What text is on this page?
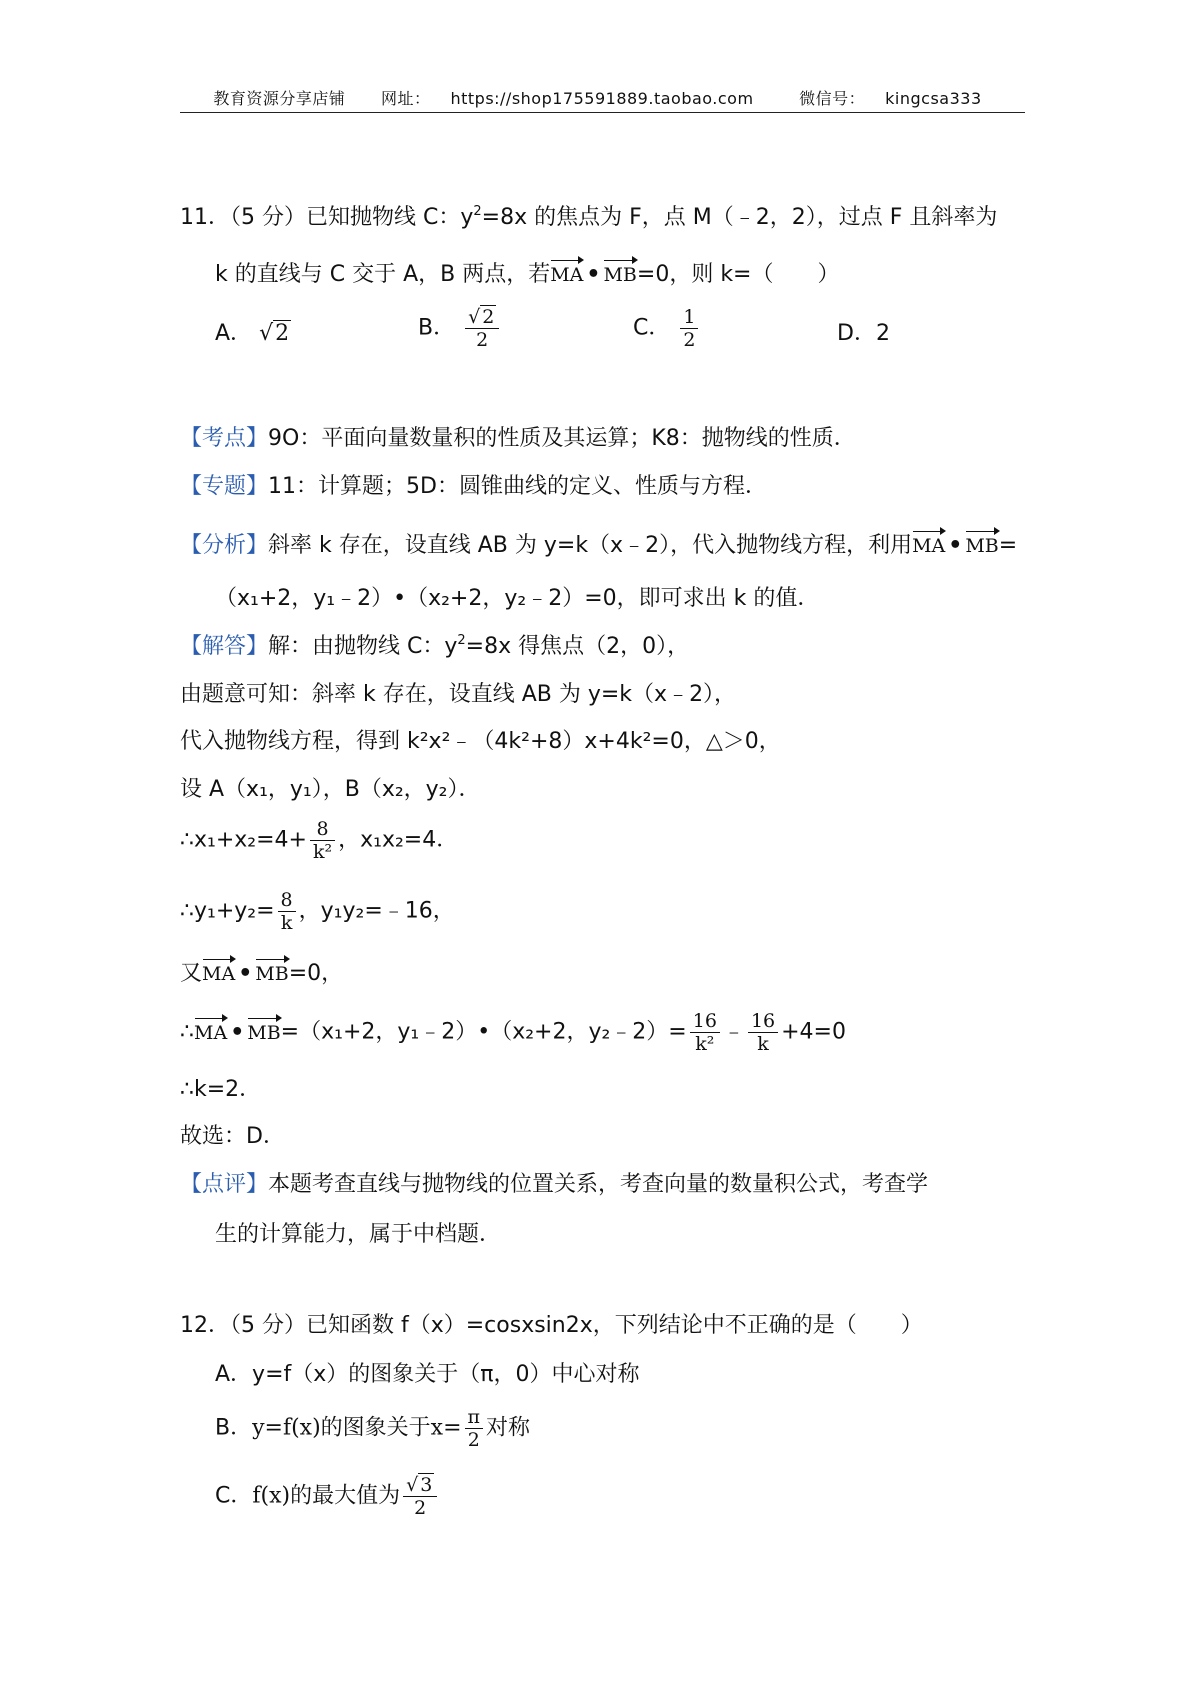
教育资源分享店铺 网址： https://shop175591889.taobao.com	微信号： kingcsa333
11．（5 分）已知抛物线 C：$y^2=8x$ 的焦点为 F，点 M（﹣2，2），过点 F 且斜率为
k 的直线与 C 交于 A，B 两点，若MA • MB=0，则 k=（　　）
A． √2	B． $\frac{√ 2}{2}$	C． $\frac{1}{2}$	D．2
【考点】9O：平面向量数量积的性质及其运算；K8：抛物线的性质．
【专题】11：计算题；5D：圆锥曲线的定义、性质与方程．
【分析】斜率 k 存在，设直线 AB 为 y=k（x﹣2），代入抛物线方程，利用MA • MB=
（x₁+2，y₁﹣2）•（x₂+2，y₂﹣2）=0，即可求出 k 的值．
【解答】解：由抛物线 C：$y^2=8x$ 得焦点（2，0），
由题意可知：斜率 k 存在，设直线 AB 为 y=k（x﹣2），
代入抛物线方程，得到 k²x²﹣（4k²+8）x+4k²=0，△＞0，
设 A（x₁，y₁），B（x₂，y₂）．
∴x₁+x₂=4+ $\frac{8}{\text{k²}}$ ，x₁x₂=4．
∴y₁+y₂= $\frac{8}{k}$ ，y₁y₂=﹣16，
又MA • MB=0，
∴MA • MB=（x₁+2，y₁﹣2）•（x₂+2，y₂﹣2）= $\frac{16}{\text{k²}}$ ﹣ $\frac{16}{k} +4=0$
∴k=2．
故选：D．
【点评】本题考查直线与抛物线的位置关系，考查向量的数量积公式，考查学
生的计算能力，属于中档题．
12．（5 分）已知函数 f（x）=cosxsin2x，下列结论中不正确的是（　　）
A．y=f（x）的图象关于（π，0）中心对称
B．y=f(x)的图象关于$x= \frac{\pi}{2}$ 对称
C．f(x)的最大值为 $\frac{√ 3}{2}$
